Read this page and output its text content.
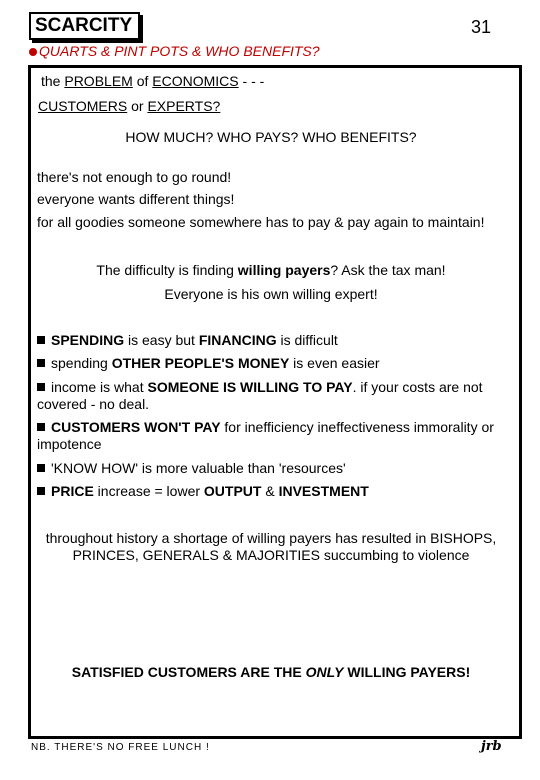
SCARCITY	31
QUARTS & PINT POTS & WHO BENEFITS?
the PROBLEM of ECONOMICS - - -
CUSTOMERS or EXPERTS?
HOW MUCH? WHO PAYS? WHO BENEFITS?
there's not enough to go round!
everyone wants different things!
for all goodies someone somewhere has to pay & pay again to maintain!
The difficulty is finding willing payers? Ask the tax man!
Everyone is his own willing expert!
SPENDING is easy but FINANCING is difficult
spending OTHER PEOPLE'S MONEY is even easier
income is what SOMEONE IS WILLING TO PAY. if your costs are not
covered - no deal.
CUSTOMERS WON'T PAY for inefficiency ineffectiveness immorality or
impotence
'KNOW HOW' is more valuable than 'resources'
PRICE increase = lower OUTPUT & INVESTMENT
throughout history a shortage of willing payers has resulted in BISHOPS,
PRINCES, GENERALS & MAJORITIES succumbing to violence
SATISFIED CUSTOMERS ARE THE ONLY WILLING PAYERS!
NB. THERE'S NO FREE LUNCH !	jrb
